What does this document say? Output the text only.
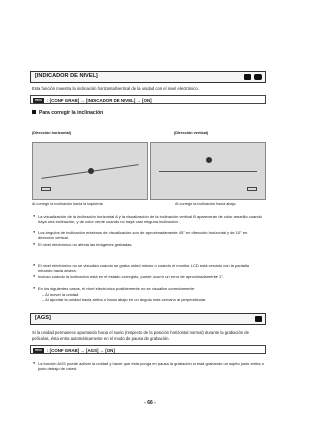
[INDICADOR DE NIVEL]

Esta función muestra la inclinación horizontal/vertical de la unidad con el nivel electrónico.

MENU	: [CONF GRAB] → [INDICADOR DE NIVEL] → [ON]
Para corregir la inclinación
(Dirección horizontal)	(Dirección vertical)
Al corregir la inclinación hacia la izquierda	Al corregir la inclinación hacia abajo
● La visualización de la inclinación horizontal A y la visualización de la inclinación vertical B aparecerán de color amarillo cuando haya una inclinación, y de color verde cuando no haya casi ninguna inclinación.
● Los ángulos de inclinación máximos de visualización son de aproximadamente 45° en dirección horizontal y de 10° en dirección vertical.
● El nivel electrónico no afecta las imágenes grabadas.
● El nivel electrónico no se visualiza cuando se graba usted mismo o cuando el monitor LCD está cerrado con la pantalla mirando hacia afuera.
● Incluso cuando la inclinación está en el estado corregido, puede ocurrir un error de aproximadamente 1°.
● En los siguientes casos, el nivel electrónico posiblemente no se visualice correctamente:
– Al mover la unidad.
– Al apuntar la unidad hacia arriba o hacia abajo en un ángulo más cercano al perpendicular.
[AGS]

Si la unidad permanece apuntando hacia el suelo (respecto de la posición horizontal normal) durante la grabación de películas, ésta entra automáticamente en el modo de pausa de grabación.

MENU	: [CONF GRAB] → [AGS] → [ON]
● La función AGS puede activar la unidad y hacer que ésta ponga en pausa la grabación si está grabando un sujeto justo arriba o justo debajo de usted.
- 66 -
